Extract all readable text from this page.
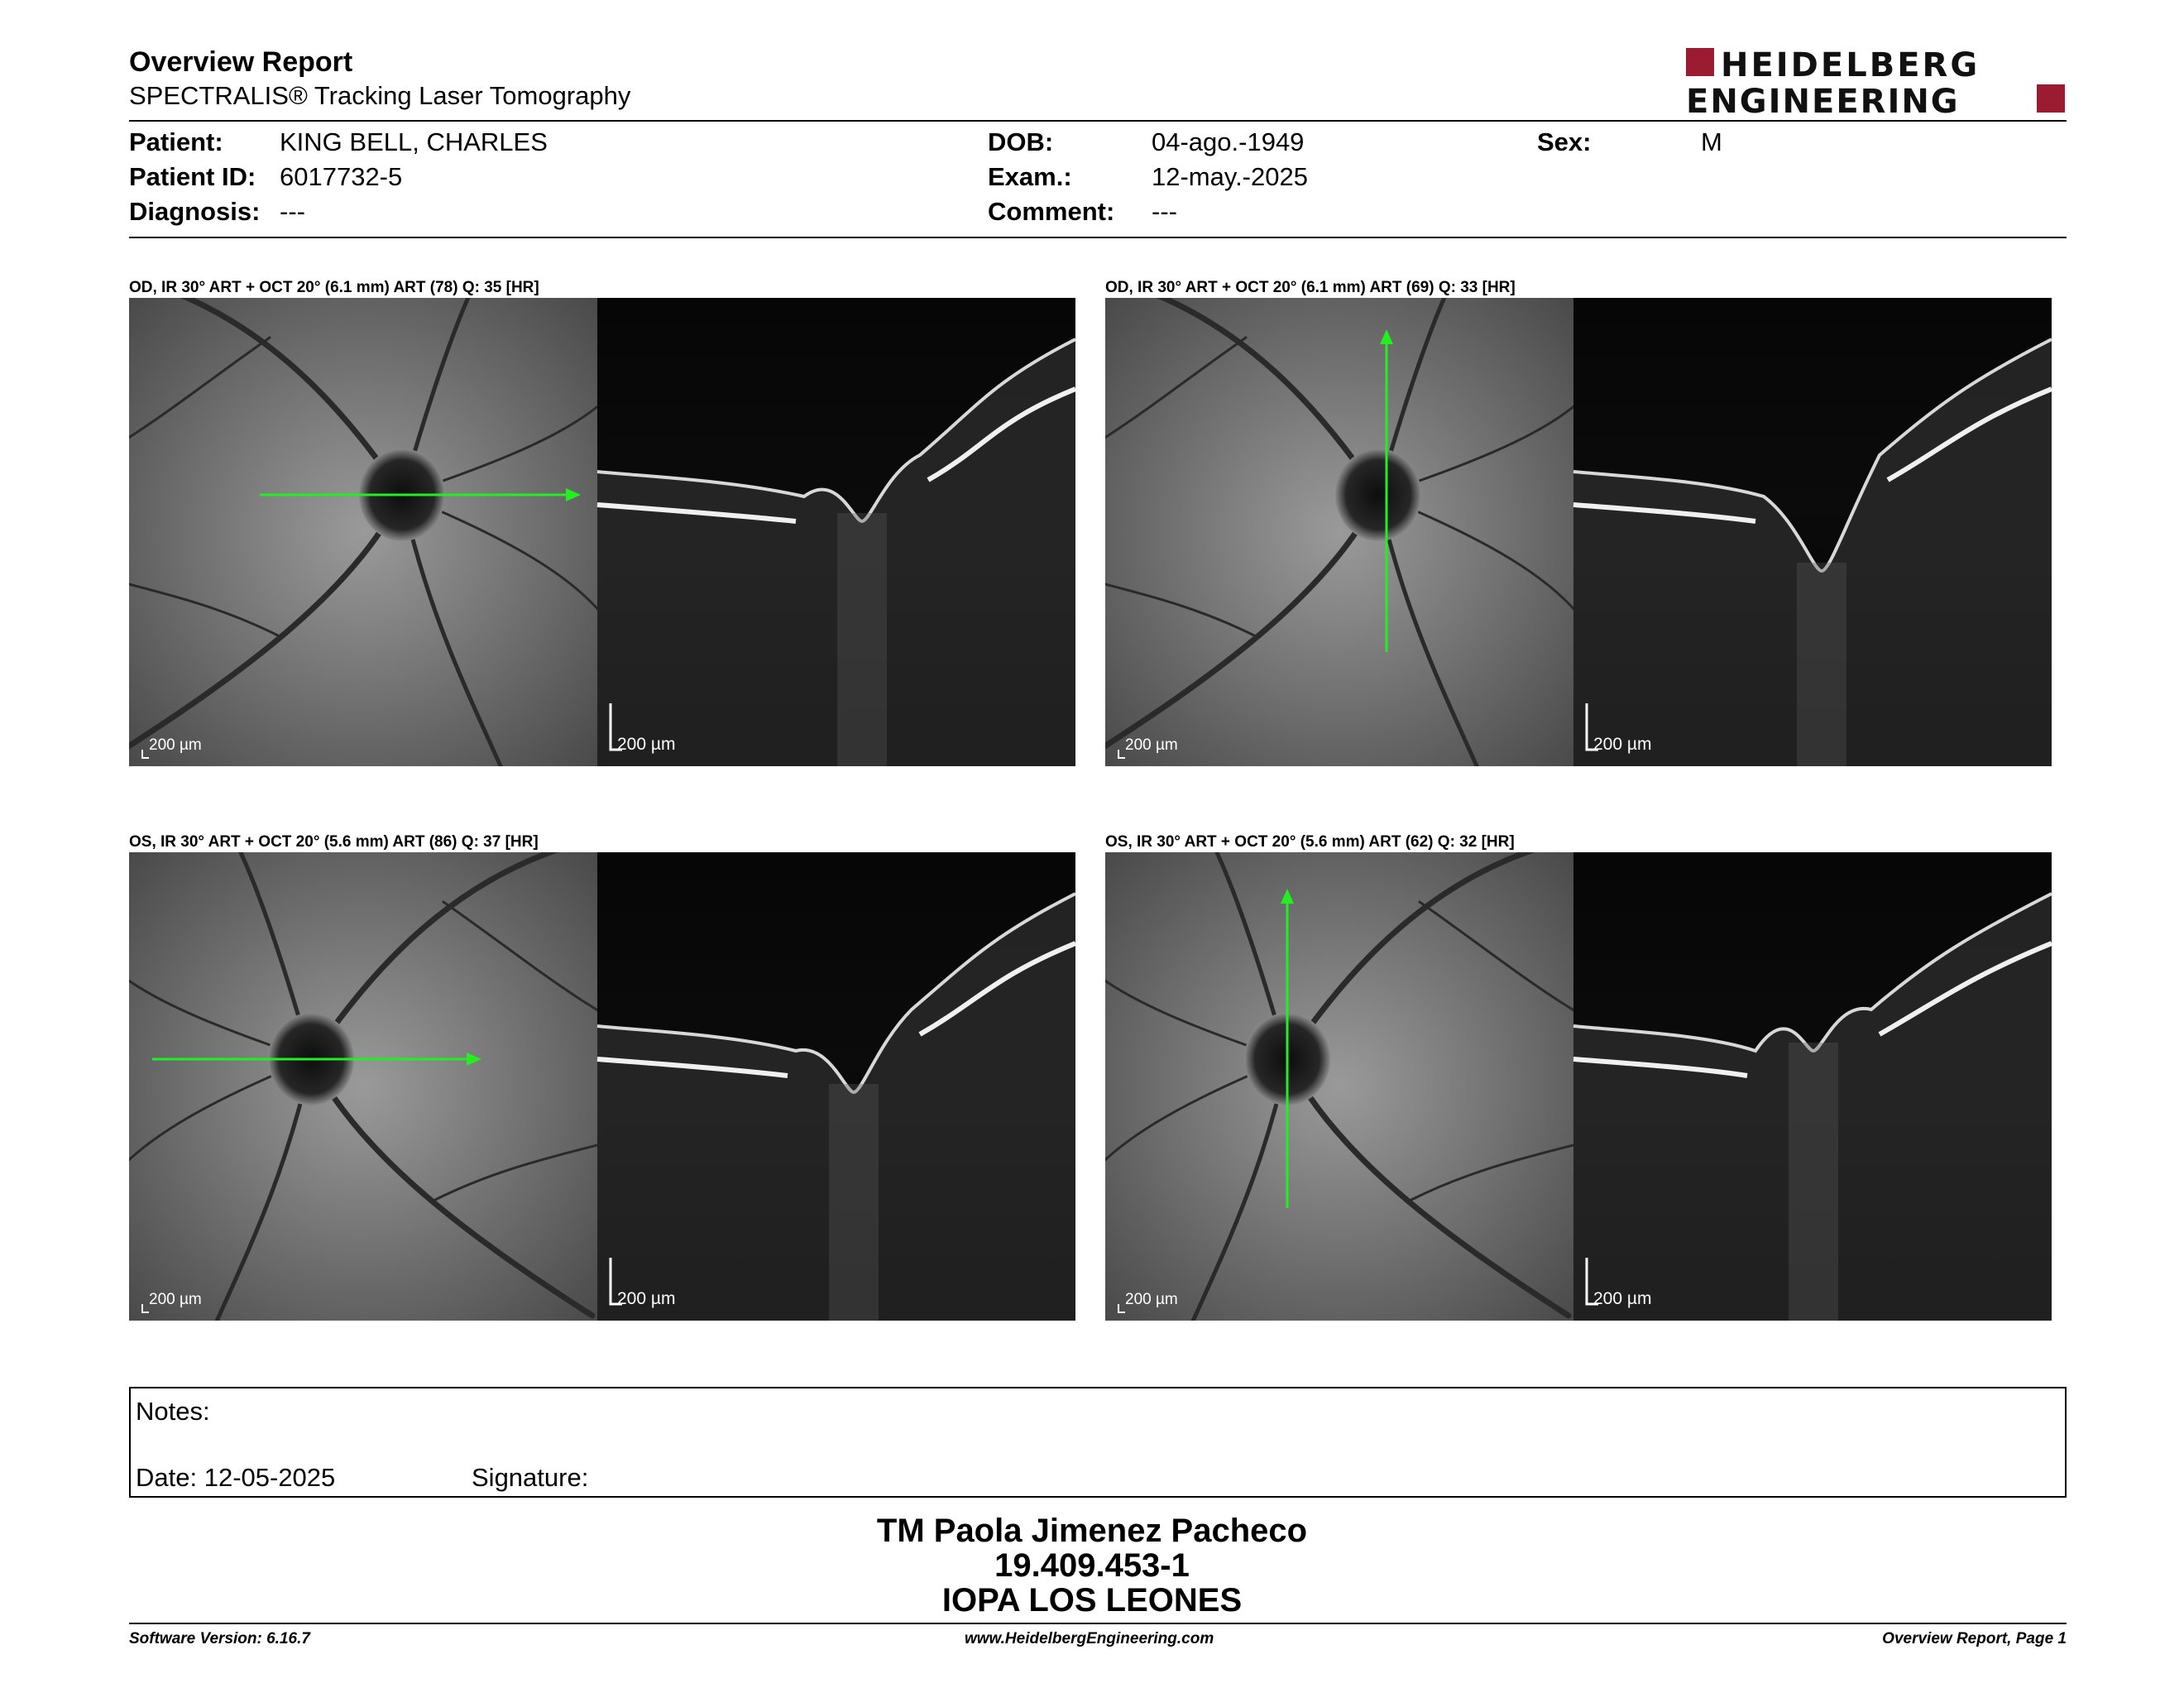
Overview Report
SPECTRALIS® Tracking Laser Tomography
HEIDELBERG
ENGINEERING
Patient: KING BELL, CHARLES
Patient ID: 6017732-5
Diagnosis: ---
DOB:	04-ago.-1949
Exam.:	12-may.-2025
Comment: ---
Sex:	M
OD, IR 30° ART + OCT 20° (6.1 mm) ART (78) Q: 35 [HR]
200 µm	200 µm
OD, IR 30° ART + OCT 20° (6.1 mm) ART (69) Q: 33 [HR]
200 µm	200 µm
OS, IR 30° ART + OCT 20° (5.6 mm) ART (86) Q: 37 [HR]
200 µm	200 µm
OS, IR 30° ART + OCT 20° (5.6 mm) ART (62) Q: 32 [HR]
200 µm	200 µm
Notes:
Date: 12-05-2025	Signature:
TM Paola Jimenez Pacheco
19.409.453-1
IOPA LOS LEONES
Software Version: 6.16.7	www.HeidelbergEngineering.com	Overview Report, Page 1
